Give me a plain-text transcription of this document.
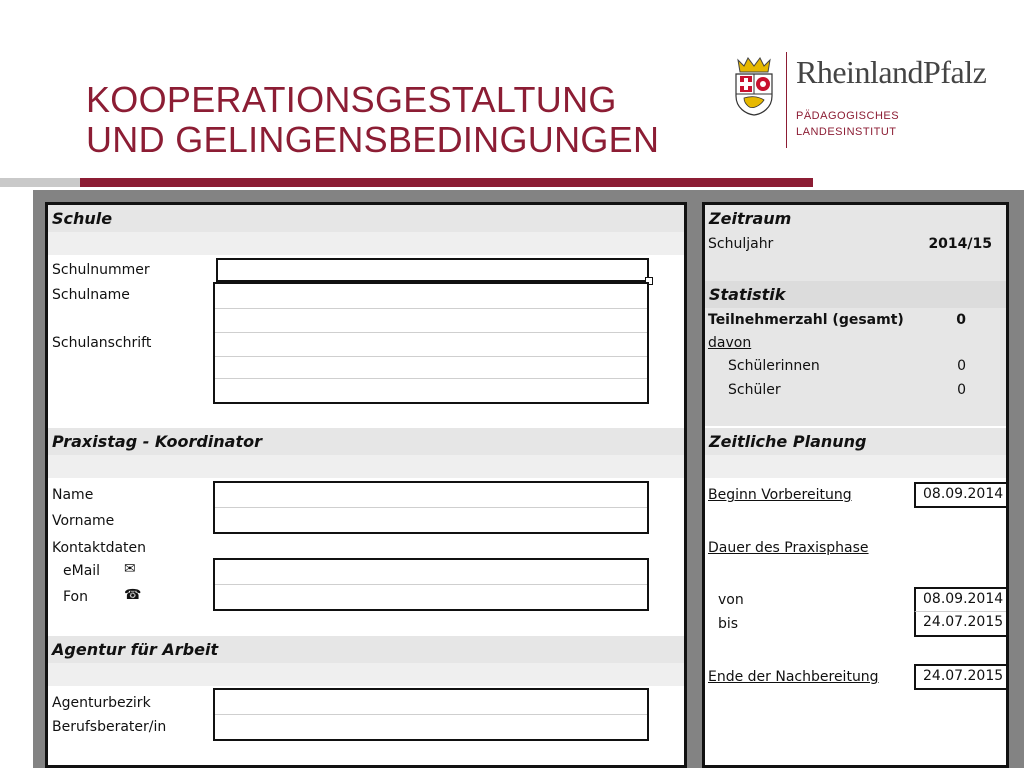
KOOPERATIONSGESTALTUNG
UND GELINGENSBEDINGUNGEN
RheinlandPfalz
PÄDAGOGISCHES
LANDESINSTITUT
Schule
Schulnummer
Schulname
Schulanschrift
Praxistag - Koordinator
Name
Vorname
Kontaktdaten
eMail ✉
Fon	☎
Agentur für Arbeit
Agenturbezirk
Berufsberater/in
Zeitraum
Schuljahr	2014/15
Statistik
Teilnehmerzahl (gesamt)	0
davon
Schülerinnen	0
Schüler	0
Zeitliche Planung
Beginn Vorbereitung	08.09.2014
Dauer des Praxisphase
von	08.09.2014
bis	24.07.2015
Ende der Nachbereitung	24.07.2015
